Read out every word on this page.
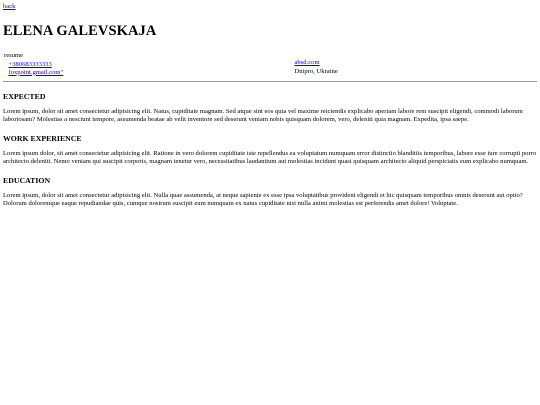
back
ELENA GALEVSKAJA
resume
+380683333333
foxpoint.gmail.com"
absd.com
Dnipro, Ukraine
EXPECTED

Lorem ipsum, dolor sit amet consectetur adipisicing elit. Natus, cupiditate magnam. Sed atque sint eos quia vel maxime reiciendis explicabo aperiam labore rem suscipit eligendi, commodi laborum laboriosam? Molestias a nesciunt tempore, assumenda beatae ab velit inventore sed deserunt veniam nobis quisquam dolorem, vero, deleniti quia magnam. Expedita, ipsa saepe.

WORK EXPERIENCE

Lorem ipsum dolor, sit amet consectetur adipisicing elit. Ratione in vero dolorem cupiditate iste repellendus ea voluptatum numquam error distinctio blanditiis temporibus, labore esse iure corrupti porro architecto deleniti. Nemo veniam qui suscipit corporis, magnam tenetur vero, necessitatibus laudantium aut molestias incidunt quasi quisquam architecto aliquid perspiciatis eum explicabo numquam.

EDUCATION

Lorem ipsum, dolor sit amet consectetur adipisicing elit. Nulla quae assumenda, at neque sapiente ex esse ipsa voluptatibus provident eligendi et hic quisquam temporibus omnis deserunt aut optio? Dolorum doloremque eaque repudiandae quis, cumque nostrum suscipit eum numquam ex natus cupiditate nisi nulla animi molestias est perferendis amet dolore! Voluptate.
